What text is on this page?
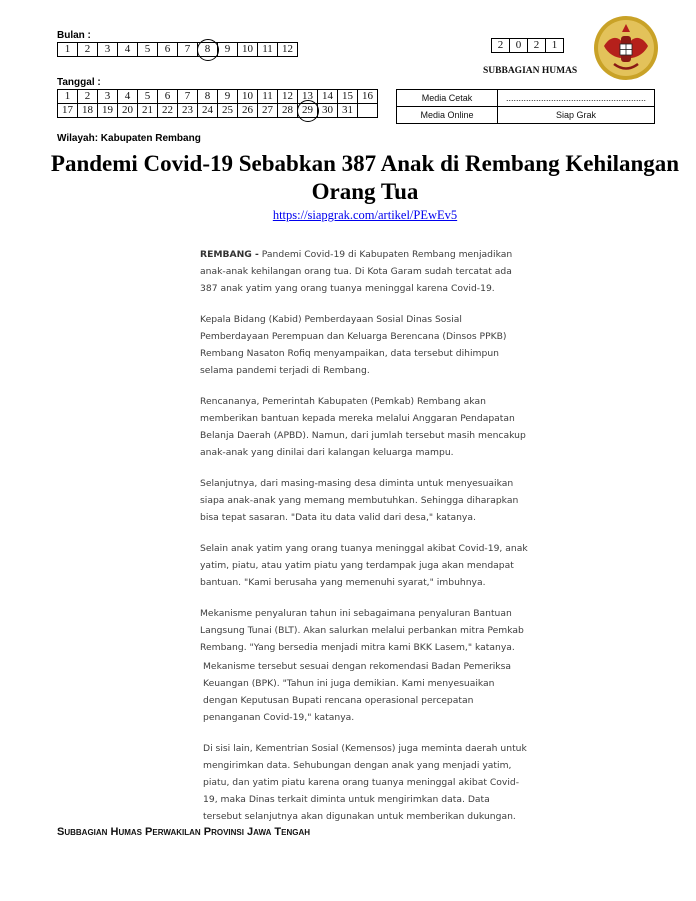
Bulan :
1	2	3	4	5	6	7	8	9	10	11	12	2	0	2	1
SUBBAGIAN HUMAS
Tanggal :
1	2	3	4	5	6	7	8	9	10	11	12	13	14	15	16
17	18	19	20	21	22	23	24	25	26	27	28	29	30	31	
Media Cetak	........................................................
Media Online	Siap Grak
Wilayah: Kabupaten Rembang
Pandemi Covid-19 Sebabkan 387 Anak di Rembang Kehilangan Orang Tua
https://siapgrak.com/artikel/PEwEv5

REMBANG - Pandemi Covid-19 di Kabupaten Rembang menjadikan anak-anak kehilangan orang tua. Di Kota Garam sudah tercatat ada 387 anak yatim yang orang tuanya meninggal karena Covid-19.

Kepala Bidang (Kabid) Pemberdayaan Sosial Dinas Sosial Pemberdayaan Perempuan dan Keluarga Berencana (Dinsos PPKB) Rembang Nasaton Rofiq menyampaikan, data tersebut dihimpun selama pandemi terjadi di Rembang.

Rencananya, Pemerintah Kabupaten (Pemkab) Rembang akan memberikan bantuan kepada mereka melalui Anggaran Pendapatan Belanja Daerah (APBD). Namun, dari jumlah tersebut masih mencakup anak-anak yang dinilai dari kalangan keluarga mampu.

Selanjutnya, dari masing-masing desa diminta untuk menyesuaikan siapa anak-anak yang memang membutuhkan. Sehingga diharapkan bisa tepat sasaran. "Data itu data valid dari desa," katanya.

Selain anak yatim yang orang tuanya meninggal akibat Covid-19, anak yatim, piatu, atau yatim piatu yang terdampak juga akan mendapat bantuan. "Kami berusaha yang memenuhi syarat," imbuhnya.

Mekanisme penyaluran tahun ini sebagaimana penyaluran Bantuan Langsung Tunai (BLT). Akan salurkan melalui perbankan mitra Pemkab Rembang. "Yang bersedia menjadi mitra kami BKK Lasem," katanya.

Mekanisme tersebut sesuai dengan rekomendasi Badan Pemeriksa Keuangan (BPK). "Tahun ini juga demikian. Kami menyesuaikan dengan Keputusan Bupati rencana operasional percepatan penanganan Covid-19," katanya.

Di sisi lain, Kementrian Sosial (Kemensos) juga meminta daerah untuk mengirimkan data. Sehubungan dengan anak yang menjadi yatim, piatu, dan yatim piatu karena orang tuanya meninggal akibat Covid-19, maka Dinas terkait diminta untuk mengirimkan data. Data tersebut selanjutnya akan digunakan untuk memberikan dukungan.

Subbagian Humas Perwakilan Provinsi Jawa Tengah
